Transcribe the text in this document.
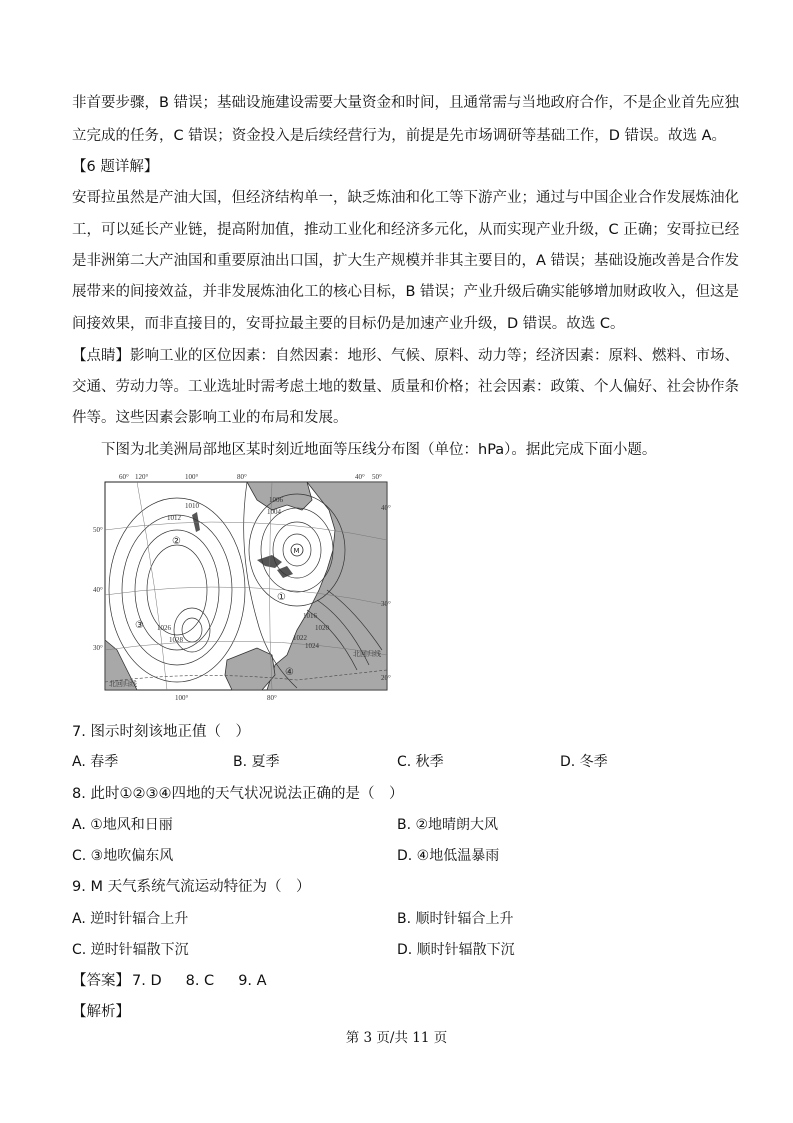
非首要步骤，B 错误；基础设施建设需要大量资金和时间，且通常需与当地政府合作，不是企业首先应独
立完成的任务，C 错误；资金投入是后续经营行为，前提是先市场调研等基础工作，D 错误。故选 A。
【6 题详解】
安哥拉虽然是产油大国，但经济结构单一，缺乏炼油和化工等下游产业；通过与中国企业合作发展炼油化
工，可以延长产业链，提高附加值，推动工业化和经济多元化，从而实现产业升级，C 正确；安哥拉已经
是非洲第二大产油国和重要原油出口国，扩大生产规模并非其主要目的，A 错误；基础设施改善是合作发
展带来的间接效益，并非发展炼油化工的核心目标，B 错误；产业升级后确实能够增加财政收入，但这是
间接效果，而非直接目的，安哥拉最主要的目标仍是加速产业升级，D 错误。故选 C。
【点睛】影响工业的区位因素：自然因素：地形、气候、原料、动力等；经济因素：原料、燃料、市场、
交通、劳动力等。工业选址时需考虑土地的数量、质量和价格；社会因素：政策、个人偏好、社会协作条
件等。这些因素会影响工业的布局和发展。
下图为北美洲局部地区某时刻近地面等压线分布图（单位：hPa）。据此完成下面小题。
60° 120°	100°	80°	40° 50°
100°	80°
50°
40°
30°
40°
30°
20°
1006
1004
1010
1012
1026
1028
1020
1016
1022
1024
②
③
M
①
④
北回归线
北回归线
7. 图示时刻该地正值（　）
A. 春季	B. 夏季	C. 秋季	D. 冬季
8. 此时①②③④四地的天气状况说法正确的是（　）
A. ①地风和日丽	B. ②地晴朗大风
C. ③地吹偏东风	D. ④地低温暴雨
9. M 天气系统气流运动特征为（　）
A. 逆时针辐合上升	B. 顺时针辐合上升
C. 逆时针辐散下沉	D. 顺时针辐散下沉
【答案】 7. D 8. C 9. A
【解析】
第 3 页/共 11 页
